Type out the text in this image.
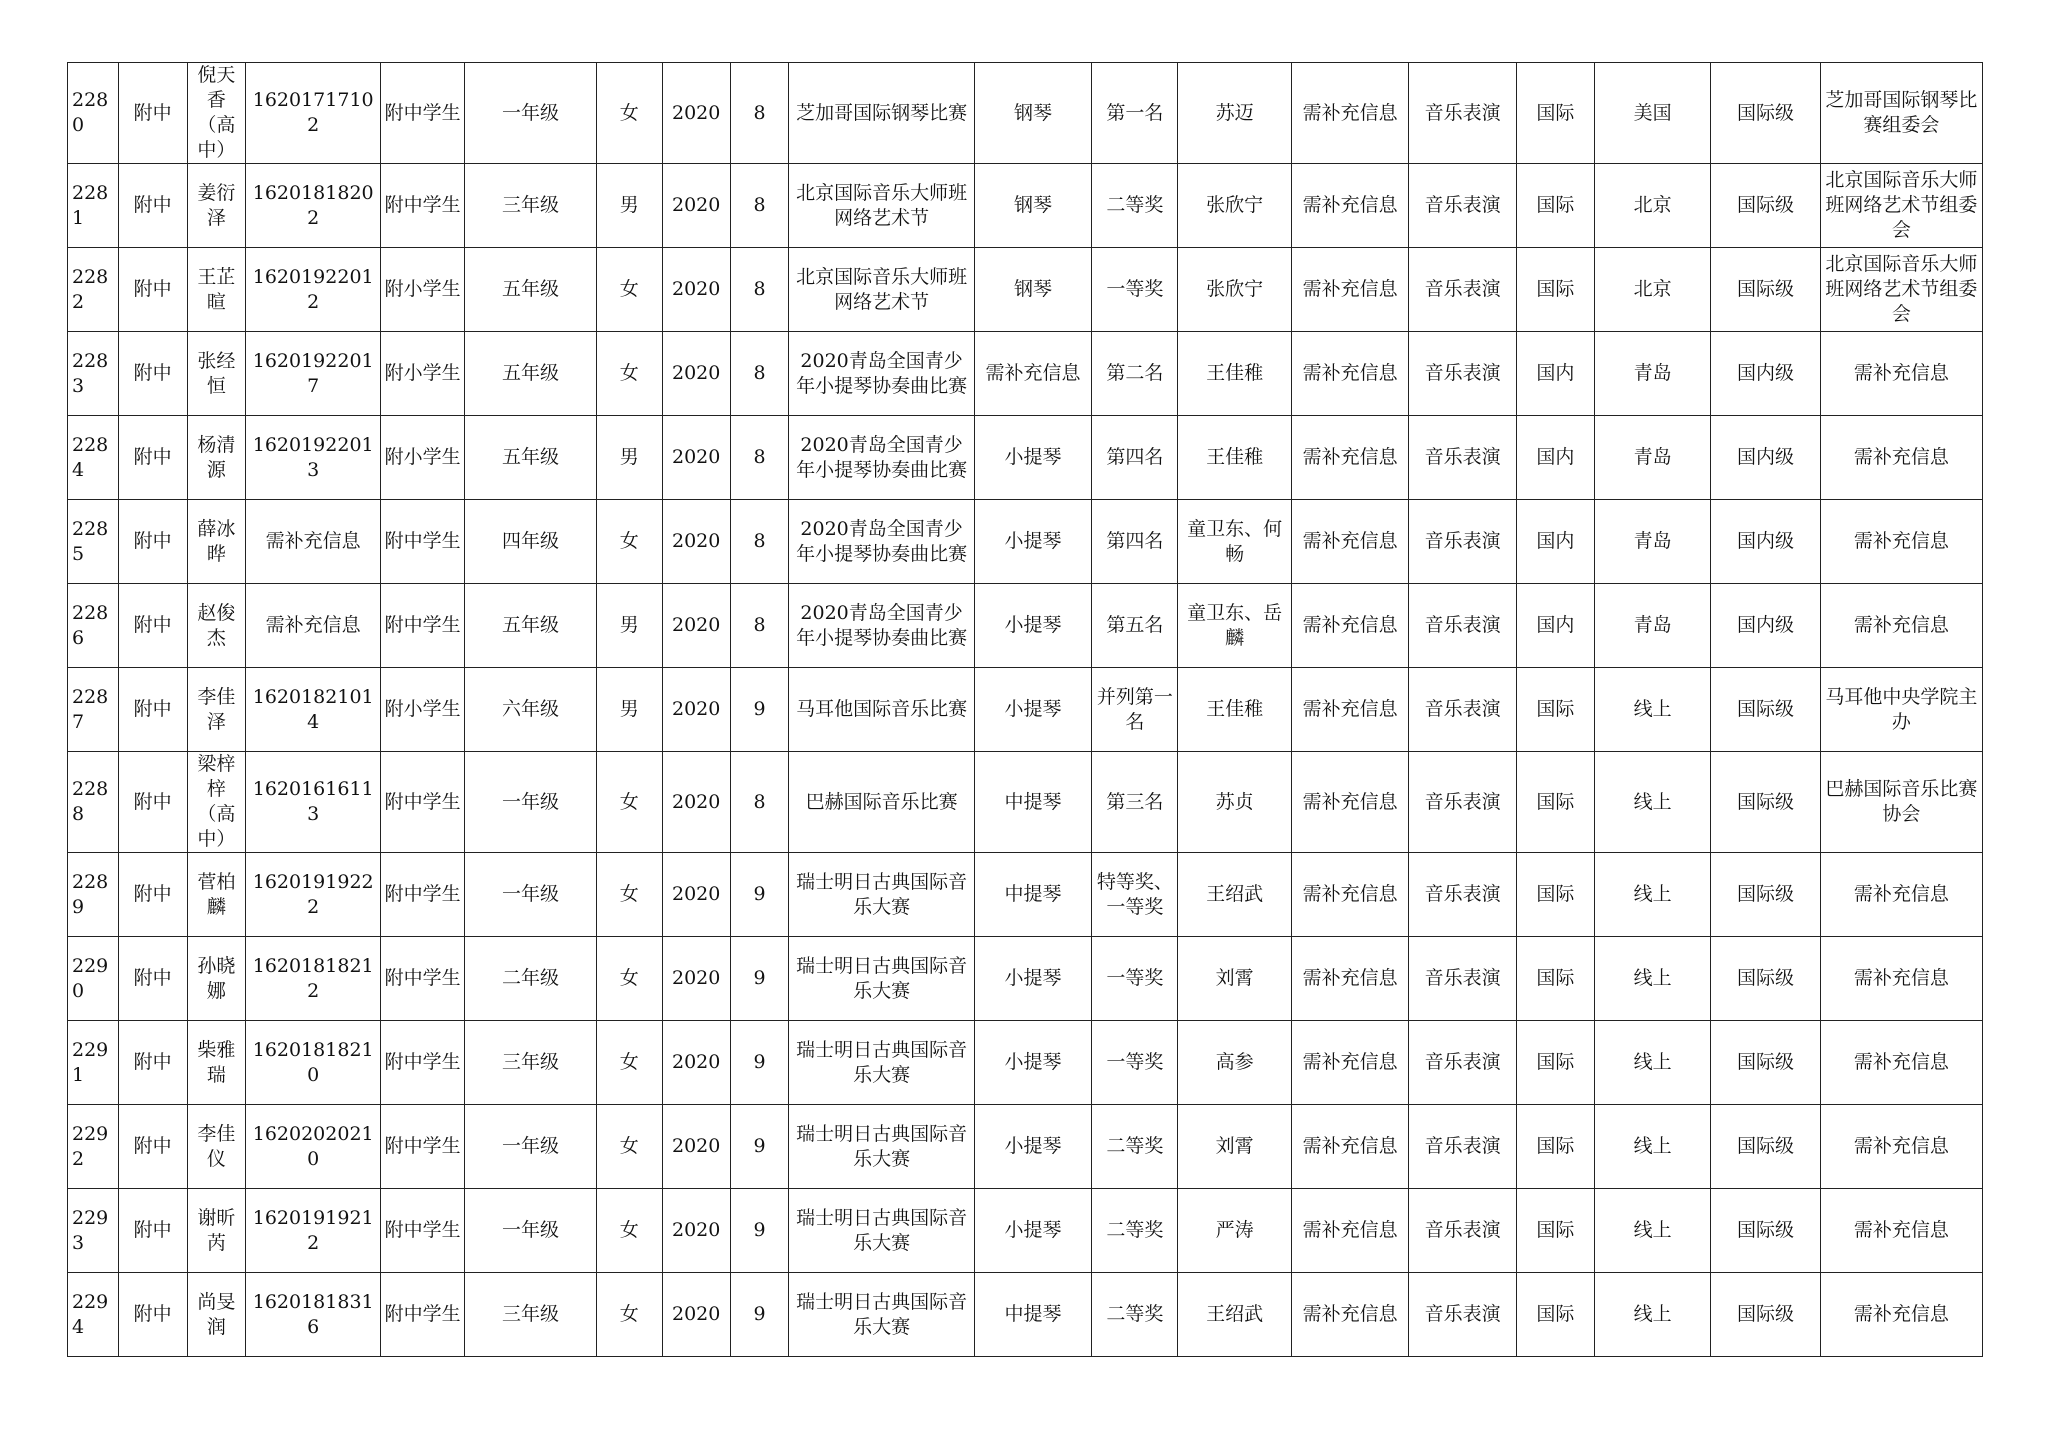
2280	附中	倪天香（高中）	16201717102	附中学生	一年级	女	2020	8	芝加哥国际钢琴比赛	钢琴	第一名	苏迈	需补充信息	音乐表演	国际	美国	国际级	芝加哥国际钢琴比赛组委会
2281	附中	姜衍泽	16201818202	附中学生	三年级	男	2020	8	北京国际音乐大师班网络艺术节	钢琴	二等奖	张欣宁	需补充信息	音乐表演	国际	北京	国际级	北京国际音乐大师班网络艺术节组委会
2282	附中	王芷暄	16201922012	附小学生	五年级	女	2020	8	北京国际音乐大师班网络艺术节	钢琴	一等奖	张欣宁	需补充信息	音乐表演	国际	北京	国际级	北京国际音乐大师班网络艺术节组委会
2283	附中	张经恒	16201922017	附小学生	五年级	女	2020	8	2020青岛全国青少年小提琴协奏曲比赛	需补充信息	第二名	王佳稚	需补充信息	音乐表演	国内	青岛	国内级	需补充信息
2284	附中	杨清源	16201922013	附小学生	五年级	男	2020	8	2020青岛全国青少年小提琴协奏曲比赛	小提琴	第四名	王佳稚	需补充信息	音乐表演	国内	青岛	国内级	需补充信息
2285	附中	薛冰晔	需补充信息	附中学生	四年级	女	2020	8	2020青岛全国青少年小提琴协奏曲比赛	小提琴	第四名	童卫东、何畅	需补充信息	音乐表演	国内	青岛	国内级	需补充信息
2286	附中	赵俊杰	需补充信息	附中学生	五年级	男	2020	8	2020青岛全国青少年小提琴协奏曲比赛	小提琴	第五名	童卫东、岳麟	需补充信息	音乐表演	国内	青岛	国内级	需补充信息
2287	附中	李佳泽	16201821014	附小学生	六年级	男	2020	9	马耳他国际音乐比赛	小提琴	并列第一名	王佳稚	需补充信息	音乐表演	国际	线上	国际级	马耳他中央学院主办
2288	附中	梁梓梓（高中）	16201616113	附中学生	一年级	女	2020	8	巴赫国际音乐比赛	中提琴	第三名	苏贞	需补充信息	音乐表演	国际	线上	国际级	巴赫国际音乐比赛协会
2289	附中	菅柏麟	16201919222	附中学生	一年级	女	2020	9	瑞士明日古典国际音乐大赛	中提琴	特等奖、一等奖	王绍武	需补充信息	音乐表演	国际	线上	国际级	需补充信息
2290	附中	孙晓娜	16201818212	附中学生	二年级	女	2020	9	瑞士明日古典国际音乐大赛	小提琴	一等奖	刘霄	需补充信息	音乐表演	国际	线上	国际级	需补充信息
2291	附中	柴雅瑞	16201818210	附中学生	三年级	女	2020	9	瑞士明日古典国际音乐大赛	小提琴	一等奖	高参	需补充信息	音乐表演	国际	线上	国际级	需补充信息
2292	附中	李佳仪	16202020210	附中学生	一年级	女	2020	9	瑞士明日古典国际音乐大赛	小提琴	二等奖	刘霄	需补充信息	音乐表演	国际	线上	国际级	需补充信息
2293	附中	谢昕芮	16201919212	附中学生	一年级	女	2020	9	瑞士明日古典国际音乐大赛	小提琴	二等奖	严涛	需补充信息	音乐表演	国际	线上	国际级	需补充信息
2294	附中	尚旻润	16201818316	附中学生	三年级	女	2020	9	瑞士明日古典国际音乐大赛	中提琴	二等奖	王绍武	需补充信息	音乐表演	国际	线上	国际级	需补充信息
